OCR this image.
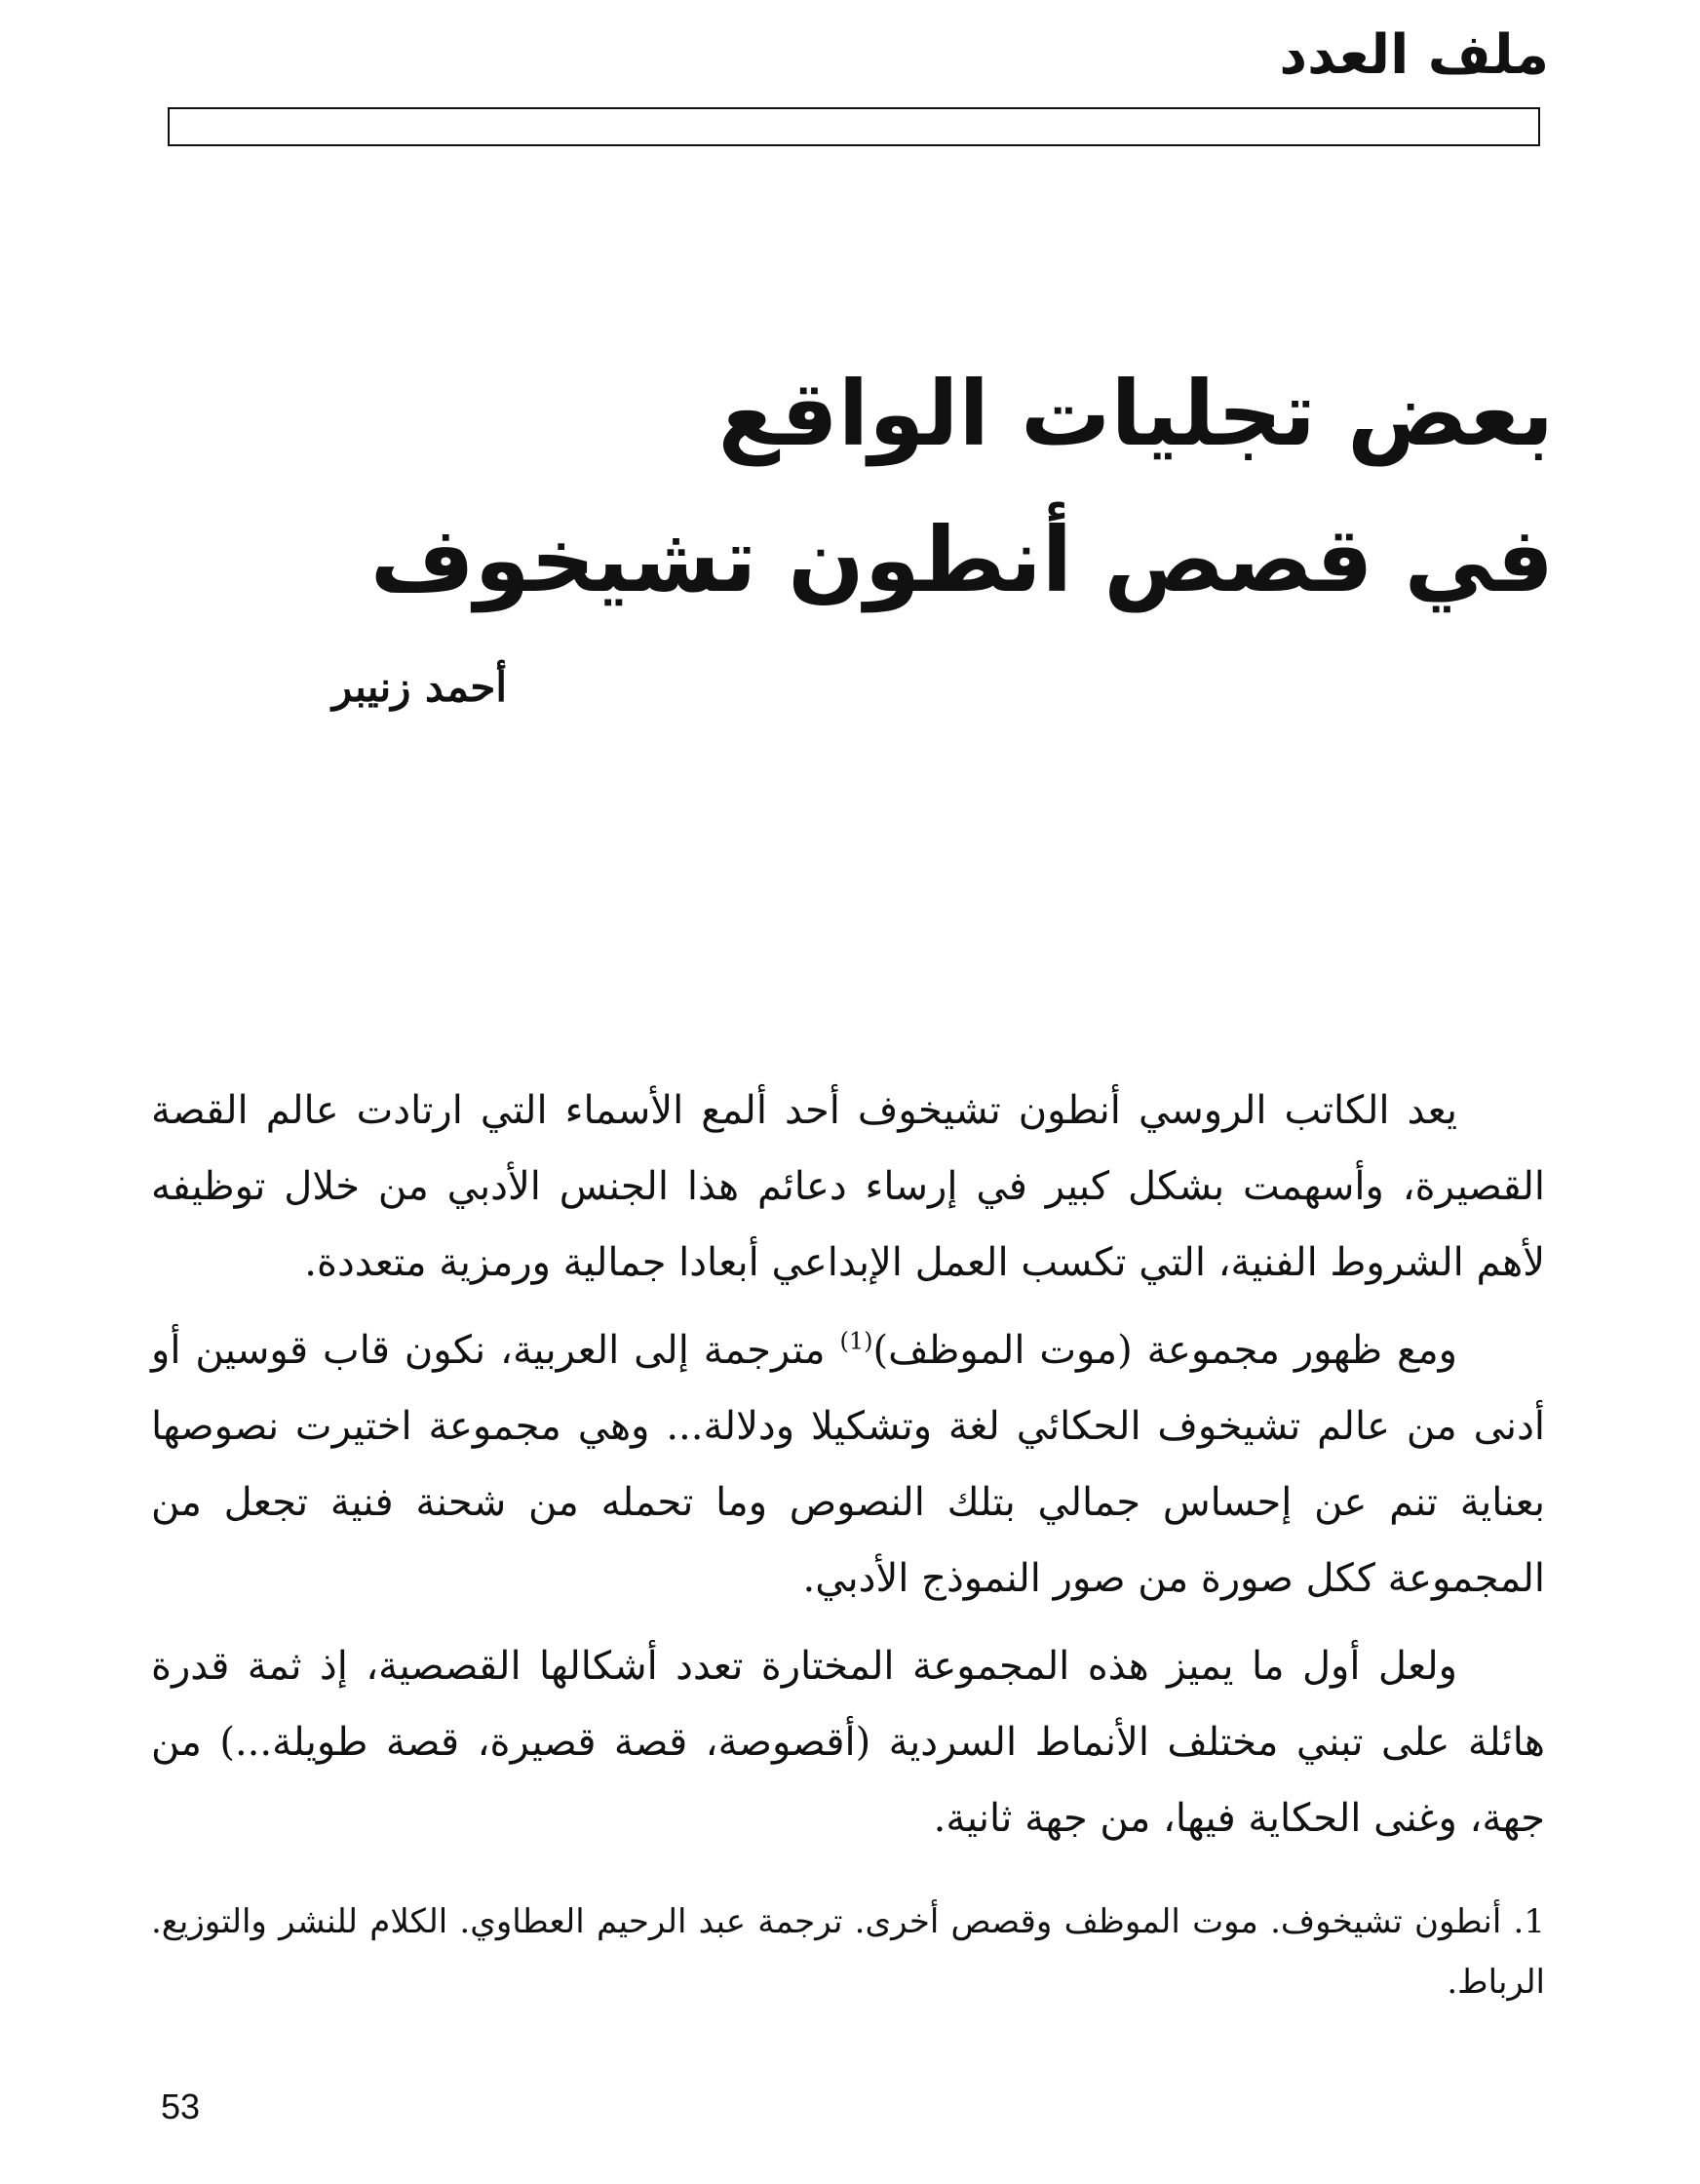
ملف العدد
بعض تجليات الواقع
في قصص أنطون تشيخوف
أحمد زنيبر

يعد الكاتب الروسي أنطون تشيخوف أحد ألمع الأسماء التي ارتادت عالم القصة القصيرة، وأسهمت بشكل كبير في إرساء دعائم هذا الجنس الأدبي من خلال توظيفه لأهم الشروط الفنية، التي تكسب العمل الإبداعي أبعادا جمالية ورمزية متعددة.

ومع ظهور مجموعة (موت الموظف)$^{(1)}$ مترجمة إلى العربية، نكون قاب قوسين أو أدنى من عالم تشيخوف الحكائي لغة وتشكيلا ودلالة... وهي مجموعة اختيرت نصوصها بعناية تنم عن إحساس جمالي بتلك النصوص وما تحمله من شحنة فنية تجعل من المجموعة ككل صورة من صور النموذج الأدبي.

ولعل أول ما يميز هذه المجموعة المختارة تعدد أشكالها القصصية، إذ ثمة قدرة هائلة على تبني مختلف الأنماط السردية (أقصوصة، قصة قصيرة، قصة طويلة...) من جهة، وغنى الحكاية فيها، من جهة ثانية.

1. أنطون تشيخوف. موت الموظف وقصص أخرى. ترجمة عبد الرحيم العطاوي. الكلام للنشر والتوزيع. الرباط.
53
